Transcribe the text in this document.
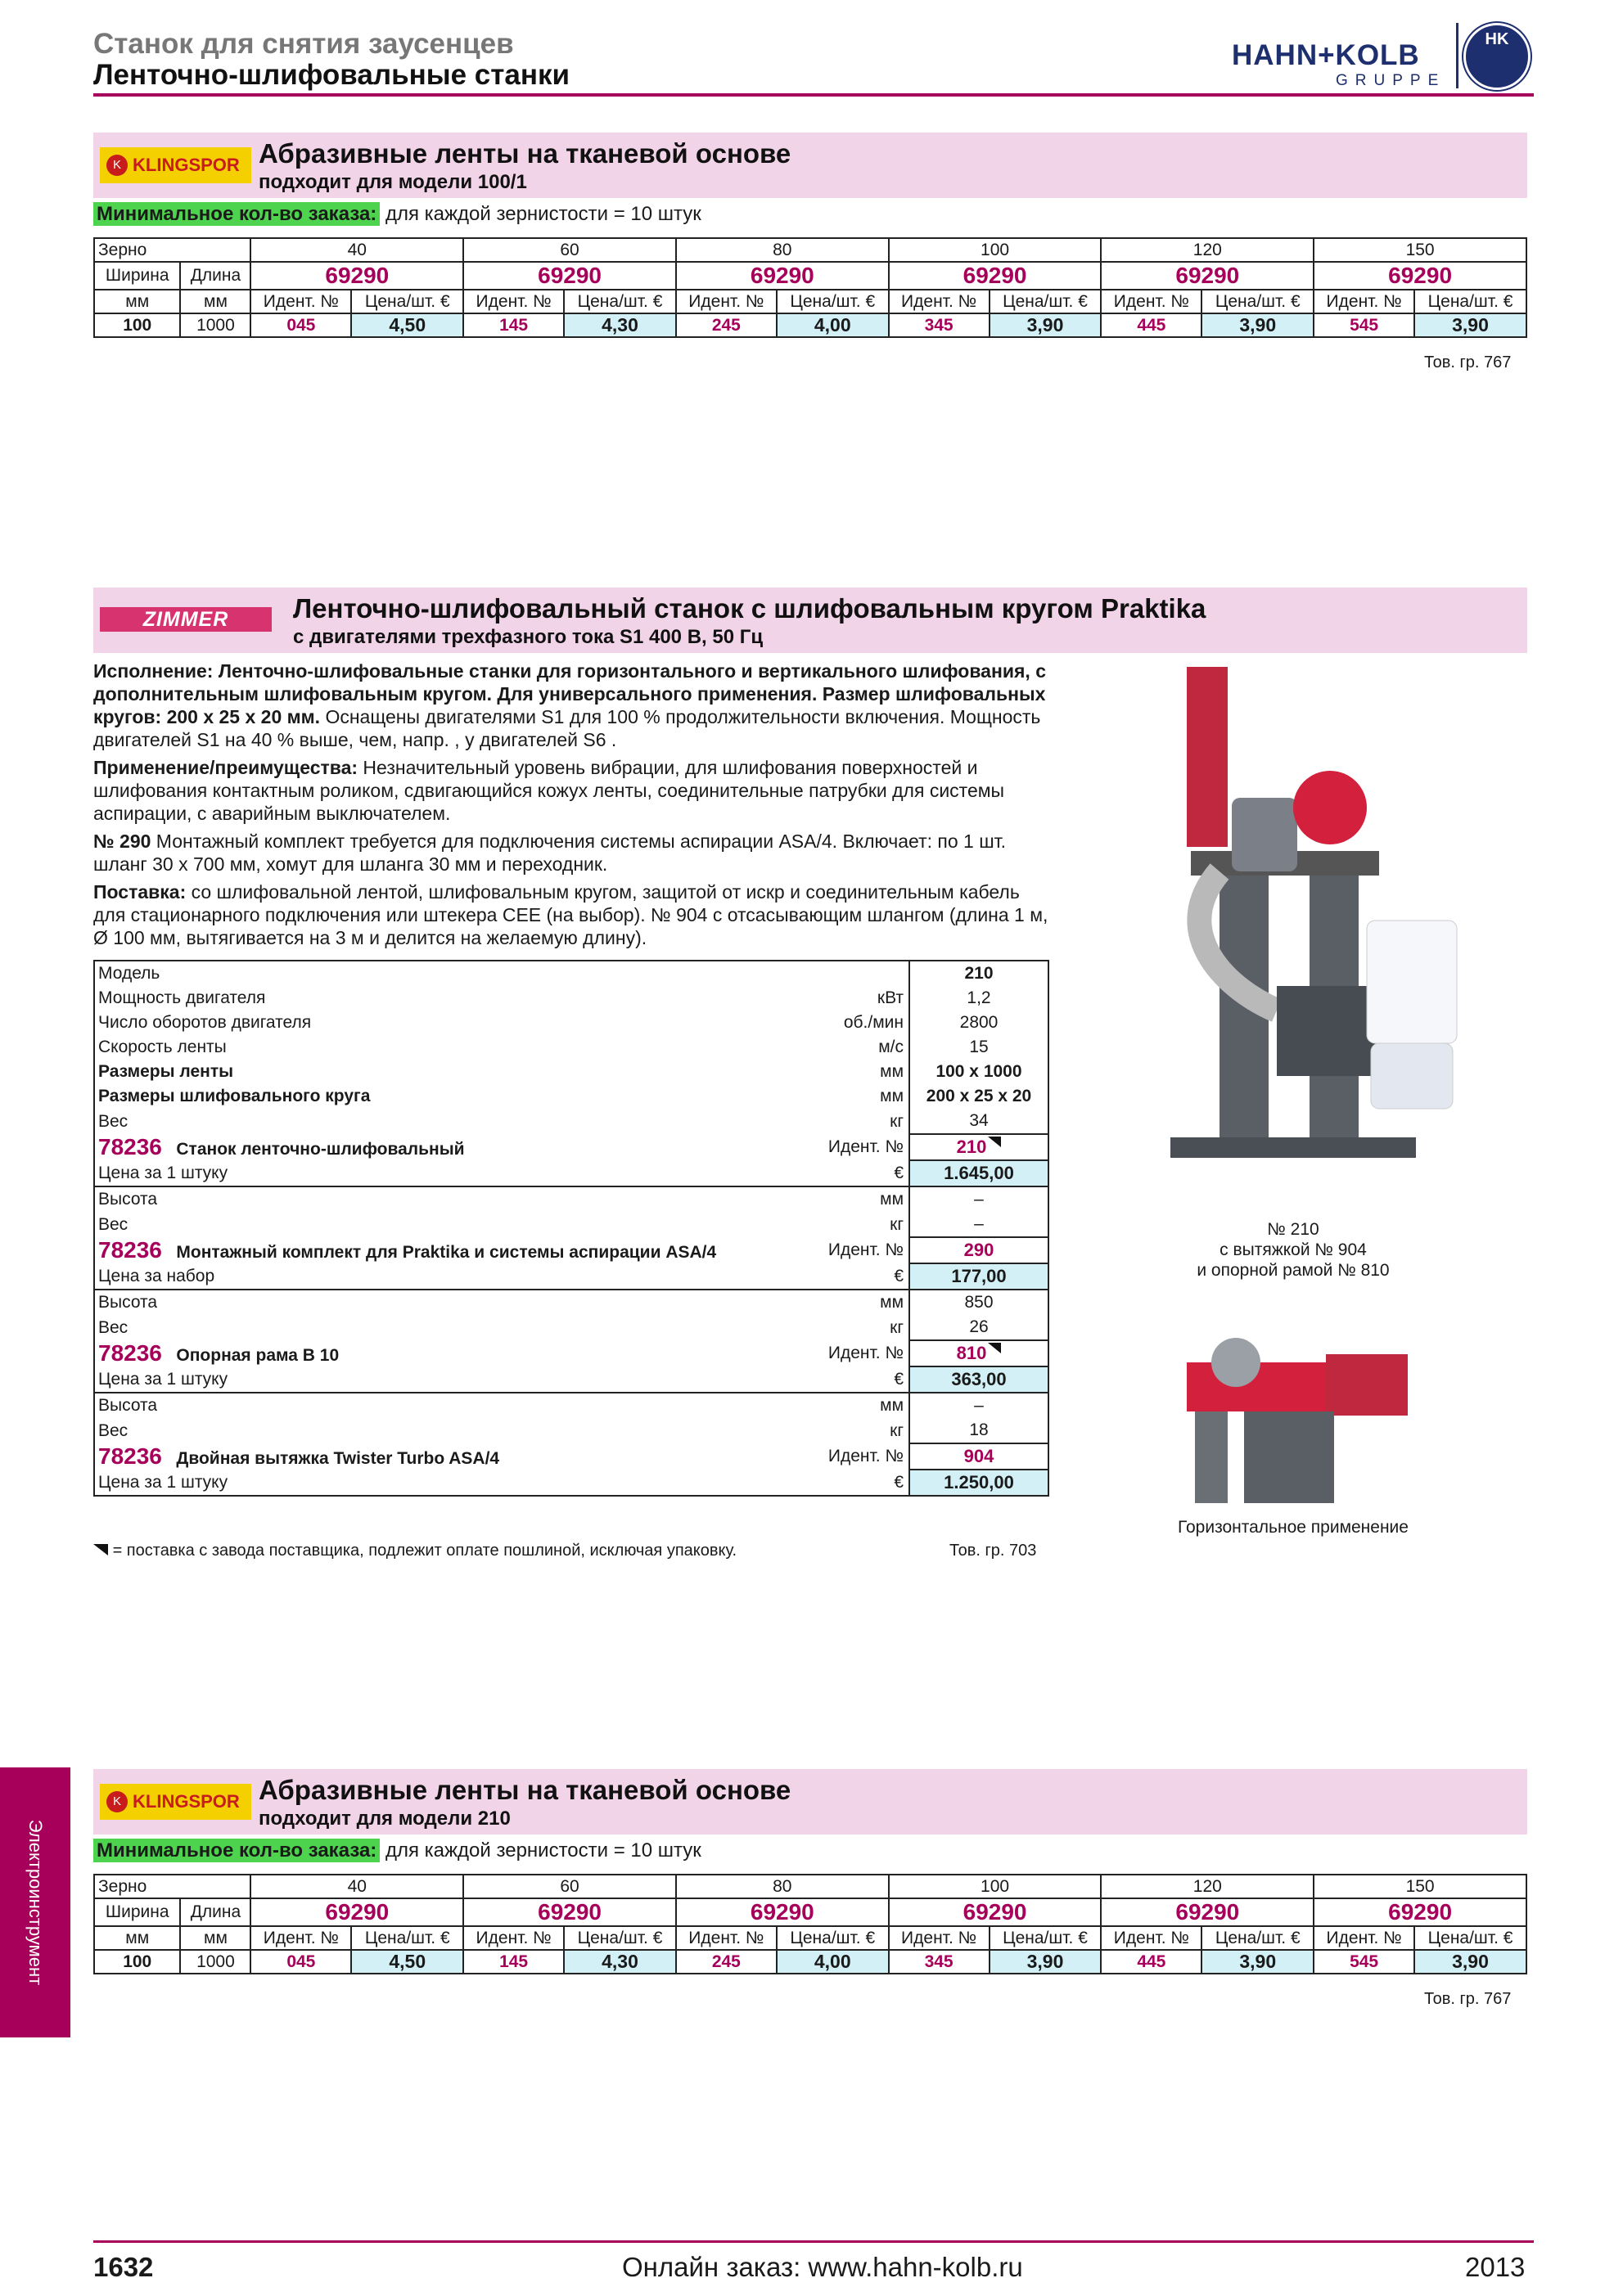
Станок для снятия заусенцев
Ленточно-шлифовальные станки
HAHN+KOLB
GRUPPE
HK
K KLINGSPOR Абразивные ленты на тканевой основе
подходит для модели 100/1
Минимальное кол-во заказа: для каждой зернистости = 10 штук
Зерно		40		60		80		100		120		150	
Ширина	Длина	69290		69290		69290		69290		69290		69290	
мм	мм	Идент. №	Цена/шт. €	Идент. №	Цена/шт. €	Идент. №	Цена/шт. €	Идент. №	Цена/шт. €	Идент. №	Цена/шт. €	Идент. №	Цена/шт. €
100	1000	045	4,50	145	4,30	245	4,00	345	3,90	445	3,90	545	3,90
Тов. гр. 767
ZIMMER	Ленточно-шлифовальный станок с шлифовальным кругом Praktika
с двигателями трехфазного тока S1 400 В, 50 Гц

Исполнение: Ленточно-шлифовальные станки для горизонтального и вертикального шлифования, с дополнительным шлифовальным кругом. Для универсального применения. Размер шлифовальных кругов: 200 x 25 x 20 мм. Оснащены двигателями S1 для 100 % продолжительности включения. Мощность двигателей S1 на 40 % выше, чем, напр. , у двигателей S6 .

Применение/преимущества: Незначительный уровень вибрации, для шлифования поверхностей и шлифования контактным роликом, сдвигающийся кожух ленты, соединительные патрубки для системы аспирации, с аварийным выключателем.

№ 290 Монтажный комплект требуется для подключения системы аспирации ASA/4. Включает: по 1 шт. шланг 30 x 700 мм, хомут для шланга 30 мм и переходник.

Поставка: со шлифовальной лентой, шлифовальным кругом, защитой от искр и соединительным кабель для стационарного подключения или штекера СЕЕ (на выбор). № 904 с отсасывающим шлангом (длина 1 м, Ø 100 мм, вытягивается на 3 м и делится на желаемую длину).

Модель		210
Мощность двигателя	кВт	1,2
Число оборотов двигателя	об./мин	2800
Скорость ленты	м/с	15
Размеры ленты	мм	100 x 1000
Размеры шлифовального круга	мм	200 x 25 x 20
Вес	кг	34
78236 Станок ленточно-шлифовальный	Идент. №	210
Цена за 1 штуку	€	1.645,00
Высота	мм	–
Вес	кг	–
78236 Монтажный комплект для Praktika и системы аспирации ASA/4	Идент. №	290
Цена за набор	€	177,00
Высота	мм	850
Вес	кг	26
78236 Опорная рама B 10	Идент. №	810
Цена за 1 штуку	€	363,00
Высота	мм	–
Вес	кг	18
78236 Двойная вытяжка Twister Turbo ASA/4	Идент. №	904
Цена за 1 штуку	€	1.250,00
= поставка с завода поставщика, подлежит оплате пошлиной, исключая упаковку.	Тов. гр. 703
№ 210
с вытяжкой № 904
и опорной рамой № 810
Горизонтальное применение
K KLINGSPOR Абразивные ленты на тканевой основе
подходит для модели 210
Минимальное кол-во заказа: для каждой зернистости = 10 штук
Зерно		40		60		80		100		120		150	
Ширина	Длина	69290		69290		69290		69290		69290		69290	
мм	мм	Идент. №	Цена/шт. €	Идент. №	Цена/шт. €	Идент. №	Цена/шт. €	Идент. №	Цена/шт. €	Идент. №	Цена/шт. €	Идент. №	Цена/шт. €
100	1000	045	4,50	145	4,30	245	4,00	345	3,90	445	3,90	545	3,90
Тов. гр. 767
Электроинструмент
1632	Онлайн заказ: www.hahn-kolb.ru	2013
